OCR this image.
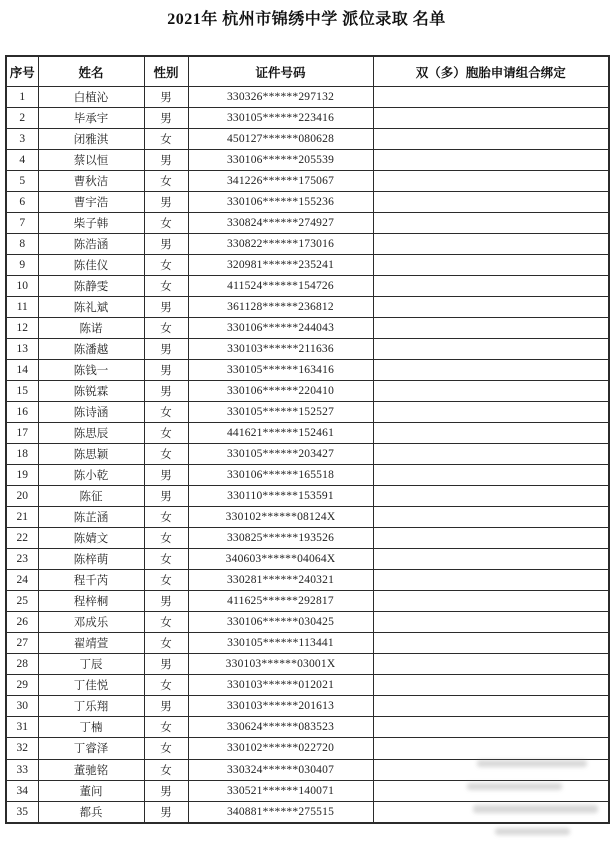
2021年 杭州市锦绣中学 派位录取 名单
序号	姓名	性别	证件号码	双（多）胞胎申请组合绑定
1	白植沁	男	330326******297132	
2	毕承宇	男	330105******223416	
3	闭雅淇	女	450127******080628	
4	蔡以恒	男	330106******205539	
5	曹秋洁	女	341226******175067	
6	曹宇浩	男	330106******155236	
7	柴子韩	女	330824******274927	
8	陈浩涵	男	330822******173016	
9	陈佳仪	女	320981******235241	
10	陈静雯	女	411524******154726	
11	陈礼斌	男	361128******236812	
12	陈诺	女	330106******244043	
13	陈潘越	男	330103******211636	
14	陈钱一	男	330105******163416	
15	陈锐霖	男	330106******220410	
16	陈诗涵	女	330105******152527	
17	陈思辰	女	441621******152461	
18	陈思颖	女	330105******203427	
19	陈小乾	男	330106******165518	
20	陈征	男	330110******153591	
21	陈芷涵	女	330102******08124X	
22	陈婧文	女	330825******193526	
23	陈梓萌	女	340603******04064X	
24	程千芮	女	330281******240321	
25	程梓桐	男	411625******292817	
26	邓成乐	女	330106******030425	
27	翟靖萱	女	330105******113441	
28	丁辰	男	330103******03001X	
29	丁佳悦	女	330103******012021	
30	丁乐翔	男	330103******201613	
31	丁楠	女	330624******083523	
32	丁睿泽	女	330102******022720	
33	董驰铭	女	330324******030407	
34	董问	男	330521******140071	
35	都兵	男	340881******275515	
